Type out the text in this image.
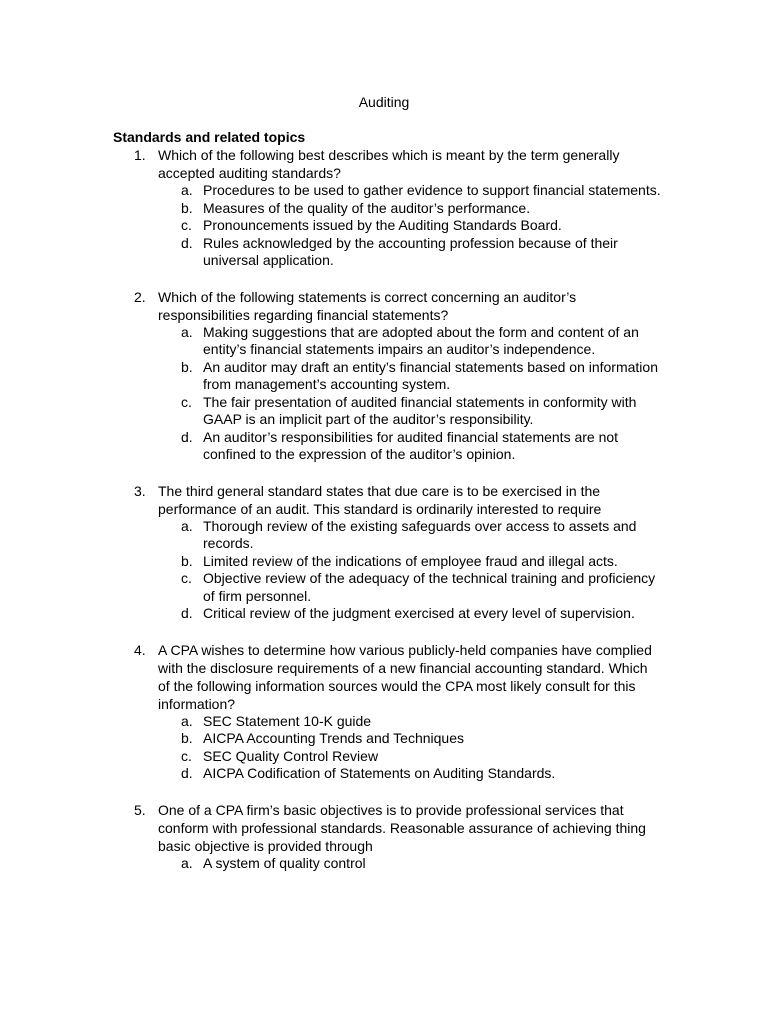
Auditing
Standards and related topics
1. Which of the following best describes which is meant by the term generally accepted auditing standards?
a. Procedures to be used to gather evidence to support financial statements.
b. Measures of the quality of the auditor’s performance.
c. Pronouncements issued by the Auditing Standards Board.
d. Rules acknowledged by the accounting profession because of their universal application.
2. Which of the following statements is correct concerning an auditor’s responsibilities regarding financial statements?
a. Making suggestions that are adopted about the form and content of an entity’s financial statements impairs an auditor’s independence.
b. An auditor may draft an entity’s financial statements based on information from management’s accounting system.
c. The fair presentation of audited financial statements in conformity with GAAP is an implicit part of the auditor’s responsibility.
d. An auditor’s responsibilities for audited financial statements are not confined to the expression of the auditor’s opinion.
3. The third general standard states that due care is to be exercised in the performance of an audit. This standard is ordinarily interested to require
a. Thorough review of the existing safeguards over access to assets and records.
b. Limited review of the indications of employee fraud and illegal acts.
c. Objective review of the adequacy of the technical training and proficiency of firm personnel.
d. Critical review of the judgment exercised at every level of supervision.
4. A CPA wishes to determine how various publicly-held companies have complied with the disclosure requirements of a new financial accounting standard. Which of the following information sources would the CPA most likely consult for this information?
a. SEC Statement 10-K guide
b. AICPA Accounting Trends and Techniques
c. SEC Quality Control Review
d. AICPA Codification of Statements on Auditing Standards.
5. One of a CPA firm’s basic objectives is to provide professional services that conform with professional standards. Reasonable assurance of achieving thing basic objective is provided through
a. A system of quality control
